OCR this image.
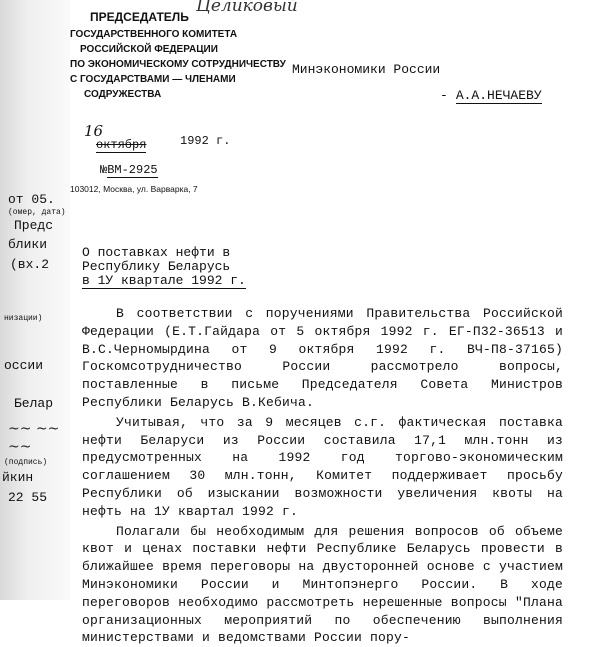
Целиковый
ПРЕДСЕДАТЕЛЬ
ГОСУДАРСТВЕННОГО КОМИТЕТА
РОССИЙСКОЙ ФЕДЕРАЦИИ
ПО ЭКОНОМИЧЕСКОМУ СОТРУДНИЧЕСТВУ
С ГОСУДАРСТВАМИ — ЧЛЕНАМИ
СОДРУЖЕСТВА
16
октября	1992 г.
№ВМ-2925
103012, Москва, ул. Варварка, 7
Минэкономики России
- А.А.НЕЧАЕВУ
от 05.
(омер, дата)
Предс
блики
(вх.2
низации)
оссии
Белар
~~ ~~
~~
(подпись)
йкин
22 55
О поставках нефти в
Республику Беларусь
в 1У квартале 1992 г.

В соответствии с поручениями Правительства Российской Федерации (Е.Т.Гайдара от 5 октября 1992 г. ЕГ-П32-36513 и В.С.Черномырдина от 9 октября 1992 г. ВЧ-П8-37165) Госкомсотрудничество России рассмотрело вопросы, поставленные в письме Председателя Совета Министров Республики Беларусь В.Кебича.

Учитывая, что за 9 месяцев с.г. фактическая поставка нефти Беларуси из России составила 17,1 млн.тонн из предусмотренных на 1992 год торгово-экономическим соглашением 30 млн.тонн, Комитет поддерживает просьбу Республики об изыскании возможности увеличения квоты на нефть на 1У квартал 1992 г.

Полагали бы необходимым для решения вопросов об объеме квот и ценах поставки нефти Республике Беларусь провести в ближайшее время переговоры на двусторонней основе с участием Минэкономики России и Минтопэнерго России. В ходе переговоров необходимо рассмотреть нерешенные вопросы "Плана организационных мероприятий по обеспечению выполнения министерствами и ведомствами России пору-
